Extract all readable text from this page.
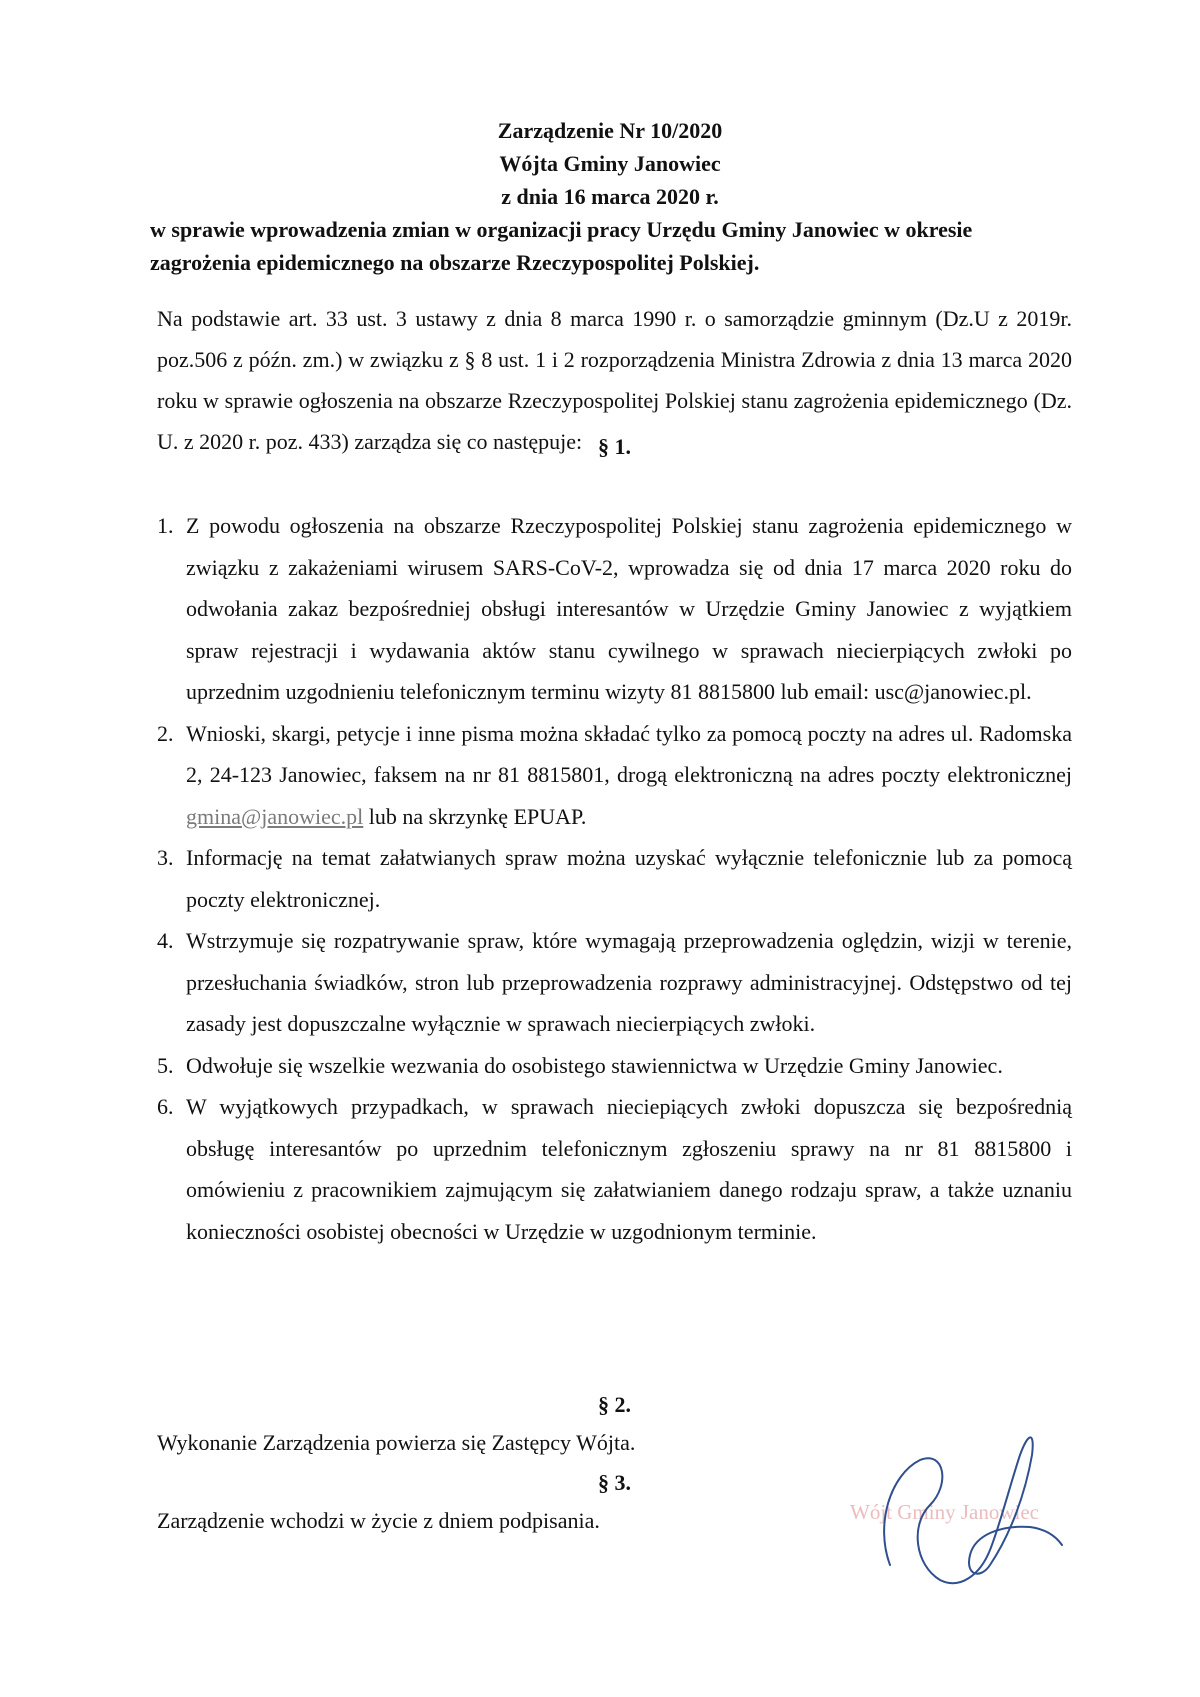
Zarządzenie Nr 10/2020
Wójta Gminy Janowiec
z dnia 16 marca 2020 r.
w sprawie wprowadzenia zmian w organizacji pracy Urzędu Gminy Janowiec w okresie zagrożenia epidemicznego na obszarze Rzeczypospolitej Polskiej.
Na podstawie art. 33 ust. 3 ustawy z dnia 8 marca 1990 r. o samorządzie gminnym (Dz.U z 2019r. poz.506 z późn. zm.) w związku z § 8 ust. 1 i 2 rozporządzenia Ministra Zdrowia z dnia 13 marca 2020 roku w sprawie ogłoszenia na obszarze Rzeczypospolitej Polskiej stanu zagrożenia epidemicznego (Dz. U. z 2020 r. poz. 433) zarządza się co następuje: § 1.
1. Z powodu ogłoszenia na obszarze Rzeczypospolitej Polskiej stanu zagrożenia epidemicznego w związku z zakażeniami wirusem SARS-CoV-2, wprowadza się od dnia 17 marca 2020 roku do odwołania zakaz bezpośredniej obsługi interesantów w Urzędzie Gminy Janowiec z wyjątkiem spraw rejestracji i wydawania aktów stanu cywilnego w sprawach niecierpiących zwłoki po uprzednim uzgodnieniu telefonicznym terminu wizyty 81 8815800 lub email: usc@janowiec.pl.
2. Wnioski, skargi, petycje i inne pisma można składać tylko za pomocą poczty na adres ul. Radomska 2, 24-123 Janowiec, faksem na nr 81 8815801, drogą elektroniczną na adres poczty elektronicznej gmina@janowiec.pl lub na skrzynkę EPUAP.
3. Informację na temat załatwianych spraw można uzyskać wyłącznie telefonicznie lub za pomocą poczty elektronicznej.
4. Wstrzymuje się rozpatrywanie spraw, które wymagają przeprowadzenia oględzin, wizji w terenie, przesłuchania świadków, stron lub przeprowadzenia rozprawy administracyjnej. Odstępstwo od tej zasady jest dopuszczalne wyłącznie w sprawach niecierpiących zwłoki.
5. Odwołuje się wszelkie wezwania do osobistego stawiennictwa w Urzędzie Gminy Janowiec.
6. W wyjątkowych przypadkach, w sprawach nieciepiących zwłoki dopuszcza się bezpośrednią obsługę interesantów po uprzednim telefonicznym zgłoszeniu sprawy na nr 81 8815800 i omówieniu z pracownikiem zajmującym się załatwianiem danego rodzaju spraw, a także uznaniu konieczności osobistej obecności w Urzędzie w uzgodnionym terminie.
§ 2.
Wykonanie Zarządzenia powierza się Zastępcy Wójta.
§ 3.
Zarządzenie wchodzi w życie z dniem podpisania.	Wójt Gminy Janowiec
